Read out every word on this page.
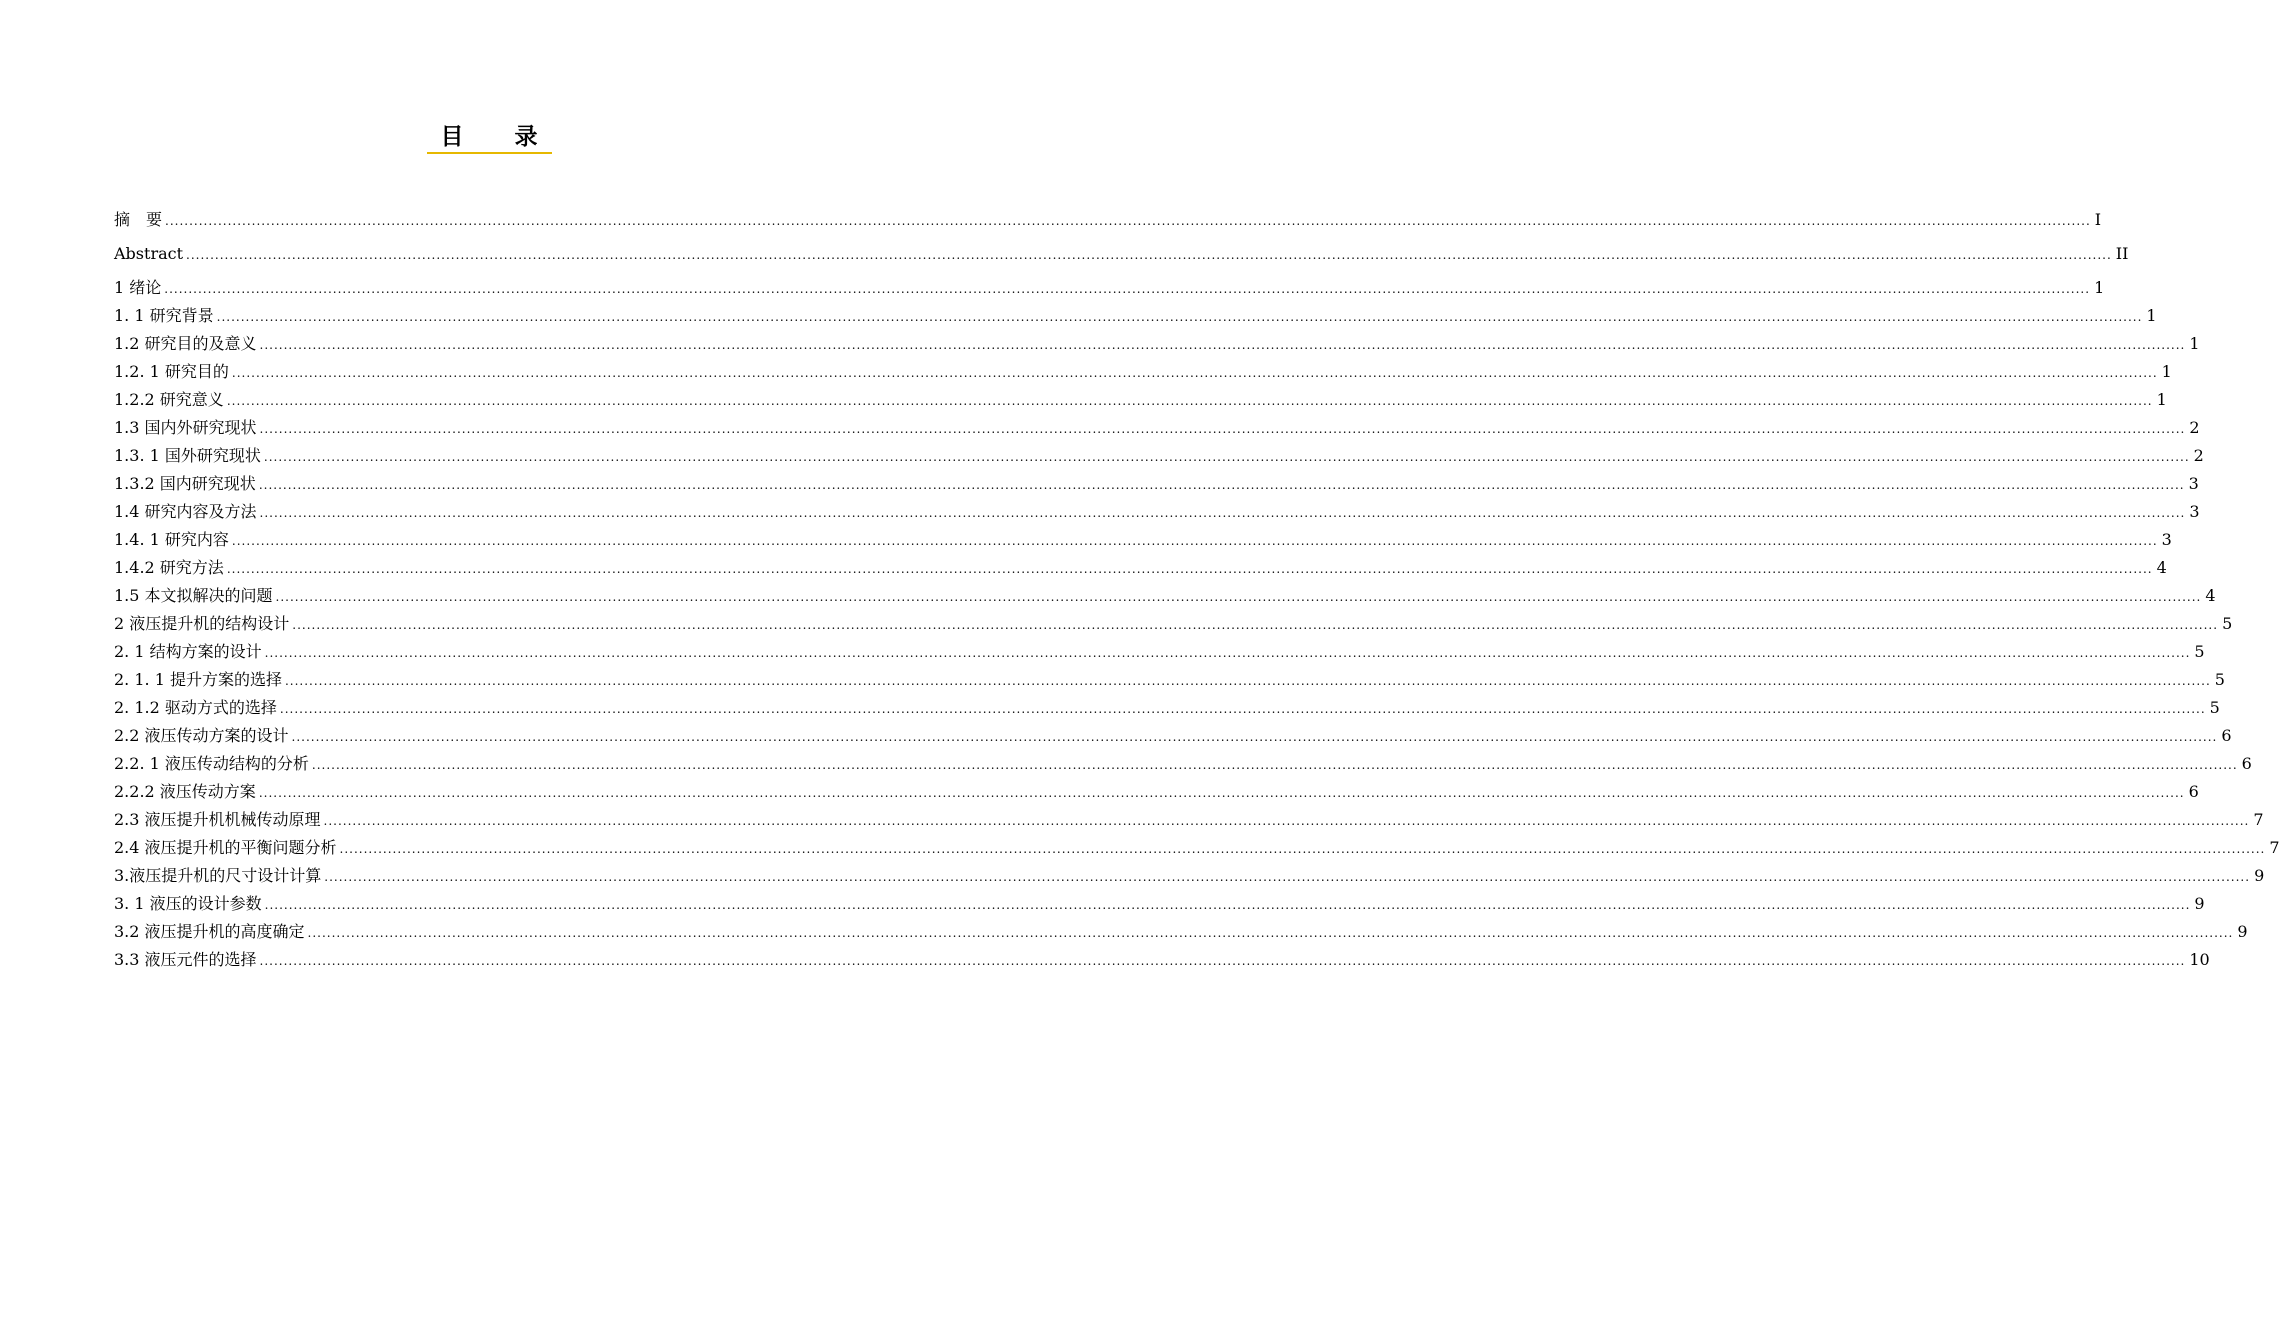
目　录
摘　要 ................................................................................................................................................................................................................................................................................................................................................................................................................ I
Abstract ................................................................................................................................................................................................................................................................................................................................................................................................................ II
1 绪论 ................................................................................................................................................................................................................................................................................................................................................................................................................ 1
1. 1 研究背景 ................................................................................................................................................................................................................................................................................................................................................................................................................ 1
1.2 研究目的及意义 ................................................................................................................................................................................................................................................................................................................................................................................................................ 1
1.2. 1 研究目的 ................................................................................................................................................................................................................................................................................................................................................................................................................ 1
1.2.2 研究意义 ................................................................................................................................................................................................................................................................................................................................................................................................................ 1
1.3 国内外研究现状 ................................................................................................................................................................................................................................................................................................................................................................................................................ 2
1.3. 1 国外研究现状 ................................................................................................................................................................................................................................................................................................................................................................................................................ 2
1.3.2 国内研究现状 ................................................................................................................................................................................................................................................................................................................................................................................................................ 3
1.4 研究内容及方法 ................................................................................................................................................................................................................................................................................................................................................................................................................ 3
1.4. 1 研究内容 ................................................................................................................................................................................................................................................................................................................................................................................................................ 3
1.4.2 研究方法 ................................................................................................................................................................................................................................................................................................................................................................................................................ 4
1.5 本文拟解决的问题 ................................................................................................................................................................................................................................................................................................................................................................................................................ 4
2 液压提升机的结构设计 ................................................................................................................................................................................................................................................................................................................................................................................................................ 5
2. 1 结构方案的设计 ................................................................................................................................................................................................................................................................................................................................................................................................................ 5
2. 1. 1 提升方案的选择 ................................................................................................................................................................................................................................................................................................................................................................................................................ 5
2. 1.2 驱动方式的选择 ................................................................................................................................................................................................................................................................................................................................................................................................................ 5
2.2 液压传动方案的设计 ................................................................................................................................................................................................................................................................................................................................................................................................................ 6
2.2. 1 液压传动结构的分析 ................................................................................................................................................................................................................................................................................................................................................................................................................ 6
2.2.2 液压传动方案 ................................................................................................................................................................................................................................................................................................................................................................................................................ 6
2.3 液压提升机机械传动原理 ................................................................................................................................................................................................................................................................................................................................................................................................................ 7
2.4 液压提升机的平衡问题分析 ................................................................................................................................................................................................................................................................................................................................................................................................................ 7
3.液压提升机的尺寸设计计算 ................................................................................................................................................................................................................................................................................................................................................................................................................ 9
3. 1 液压的设计参数 ................................................................................................................................................................................................................................................................................................................................................................................................................ 9
3.2 液压提升机的高度确定 ................................................................................................................................................................................................................................................................................................................................................................................................................ 9
3.3 液压元件的选择 ................................................................................................................................................................................................................................................................................................................................................................................................................ 10
